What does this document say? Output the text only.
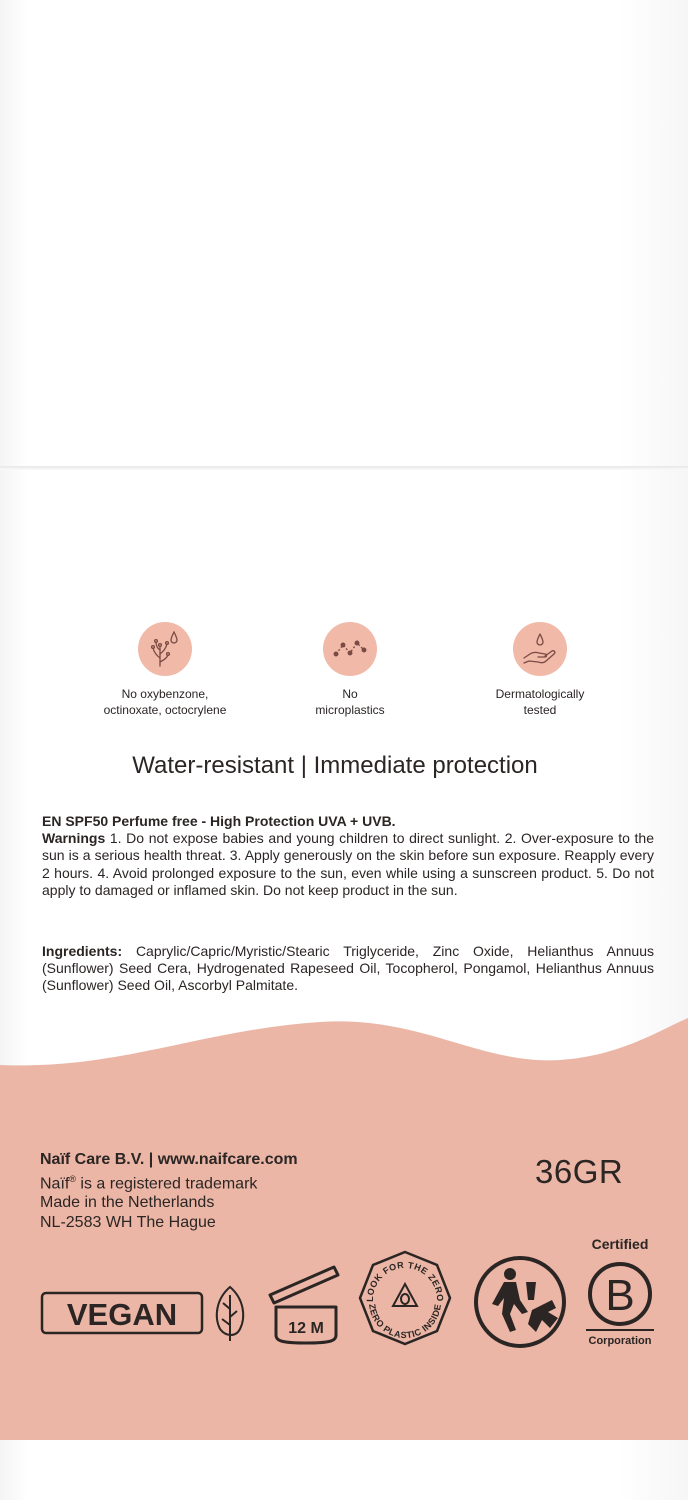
No oxybenzone,
octinoxate, octocrylene
No
microplastics
Dermatologically
tested
Water-resistant | Immediate protection

EN SPF50 Perfume free - High Protection UVA + UVB.

Warnings 1. Do not expose babies and young children to direct sunlight. 2. Over-exposure to the sun is a serious health threat. 3. Apply generously on the skin before sun exposure. Reapply every 2 hours. 4. Avoid prolonged exposure to the sun, even while using a sunscreen product. 5. Do not apply to damaged or inflamed skin. Do not keep product in the sun.

Ingredients: Caprylic/Capric/Myristic/Stearic Triglyceride, Zinc Oxide, Helianthus Annuus (Sunflower) Seed Cera, Hydrogenated Rapeseed Oil, Tocopherol, Pongamol, Helianthus Annuus (Sunflower) Seed Oil, Ascorbyl Palmitate.

Naïf Care B.V. | www.naifcare.com
Naïf® is a registered trademark
Made in the Netherlands
NL-2583 WH The Hague
36GR
VEGAN	12 M
LOOK FOR THE ZERO
ZERO PLASTIC INSIDE
Certified
B
Corporation
